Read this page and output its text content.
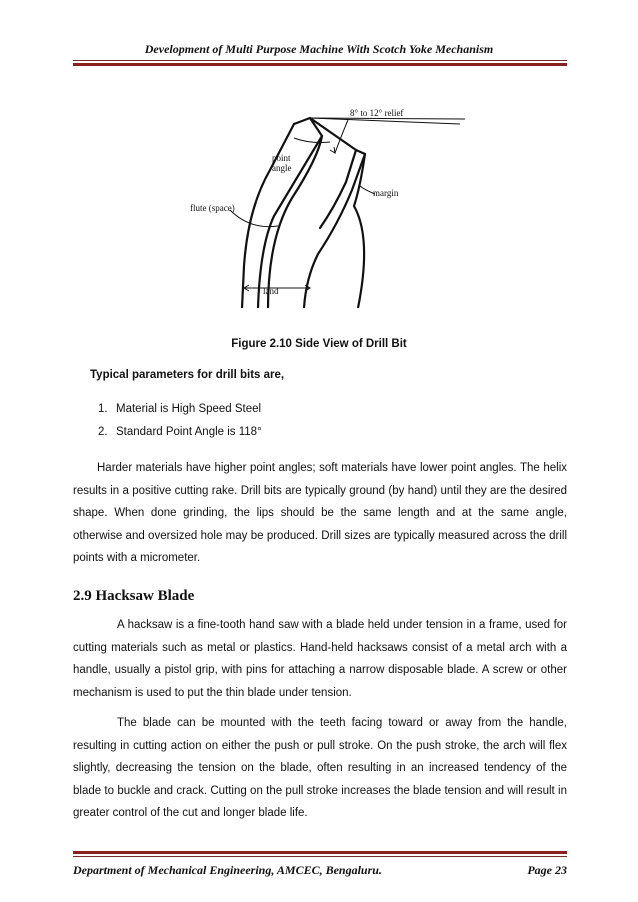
Development of Multi Purpose Machine With Scotch Yoke Mechanism
8° to 12° relief
point
angle
margin
flute (space)
land
Figure 2.10 Side View of Drill Bit
Typical parameters for drill bits are,
1. Material is High Speed Steel
2. Standard Point Angle is 118°
Harder materials have higher point angles; soft materials have lower point angles. The helix results in a positive cutting rake. Drill bits are typically ground (by hand) until they are the desired shape. When done grinding, the lips should be the same length and at the same angle, otherwise and oversized hole may be produced. Drill sizes are typically measured across the drill points with a micrometer.
2.9 Hacksaw Blade
A hacksaw is a fine-tooth hand saw with a blade held under tension in a frame, used for cutting materials such as metal or plastics. Hand-held hacksaws consist of a metal arch with a handle, usually a pistol grip, with pins for attaching a narrow disposable blade. A screw or other mechanism is used to put the thin blade under tension.
The blade can be mounted with the teeth facing toward or away from the handle, resulting in cutting action on either the push or pull stroke. On the push stroke, the arch will flex slightly, decreasing the tension on the blade, often resulting in an increased tendency of the blade to buckle and crack. Cutting on the pull stroke increases the blade tension and will result in greater control of the cut and longer blade life.
Department of Mechanical Engineering, AMCEC, Bengaluru.	Page 23
